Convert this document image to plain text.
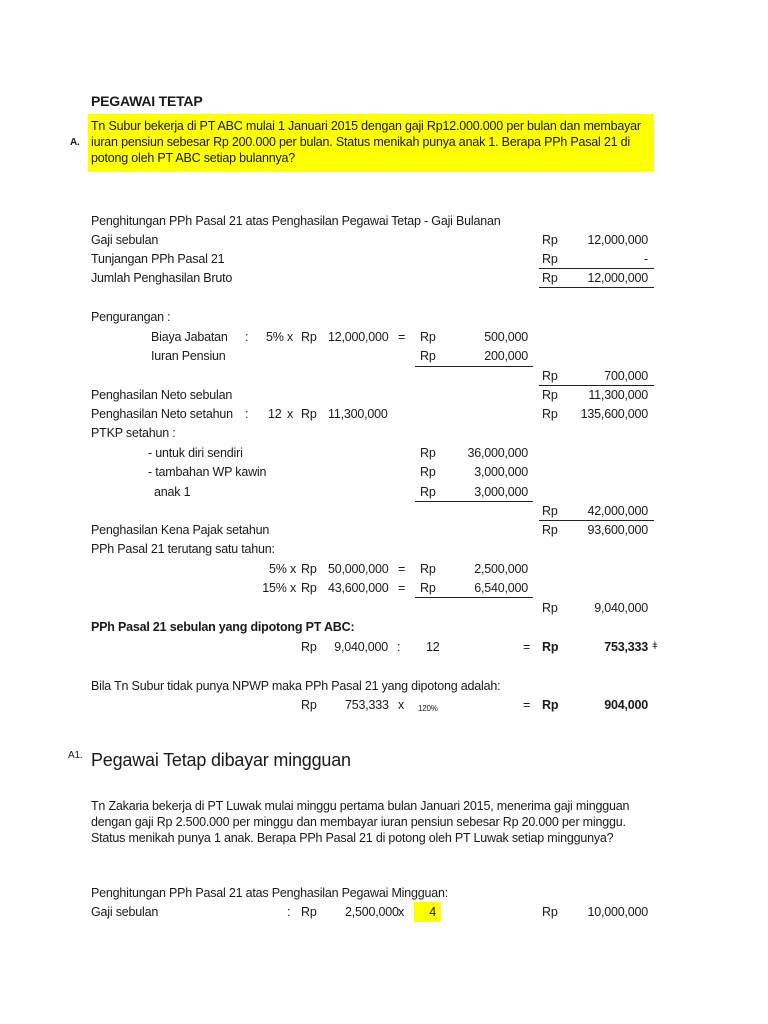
PEGAWAI TETAP
A.
Tn Subur bekerja di PT ABC mulai 1 Januari 2015 dengan gaji Rp12.000.000 per bulan dan membayar iuran pensiun sebesar Rp 200.000 per bulan. Status menikah punya anak 1. Berapa PPh Pasal 21 di potong oleh PT ABC setiap bulannya?
Penghitungan PPh Pasal 21 atas Penghasilan Pegawai Tetap - Gaji Bulanan
Gaji sebulan	Rp	12,000,000
Tunjangan PPh Pasal 21	Rp	-
Jumlah Penghasilan Bruto	Rp	12,000,000
Pengurangan :
Biaya Jabatan : 5% x Rp 12,000,000 = Rp	500,000
Iuran Pensiun	Rp	200,000
Rp	700,000
Penghasilan Neto sebulan	Rp	11,300,000
Penghasilan Neto setahun : 12 x Rp 11,300,000	Rp	135,600,000
PTKP setahun :
- untuk diri sendiri	Rp	36,000,000
- tambahan WP kawin	Rp	3,000,000
anak 1	Rp	3,000,000
Rp	42,000,000
Penghasilan Kena Pajak setahun	Rp	93,600,000
PPh Pasal 21 terutang satu tahun:
5% x Rp 50,000,000 = Rp	2,500,000
15% x Rp 43,600,000 = Rp	6,540,000
Rp	9,040,000
PPh Pasal 21 sebulan yang dipotong PT ABC:
Rp	9,040,000 : 12	= Rp	753,333 ǂ
Bila Tn Subur tidak punya NPWP maka PPh Pasal 21 yang dipotong adalah:
Rp 753,333 x 120%	= Rp	904,000
A1. Pegawai Tetap dibayar mingguan
Tn Zakaria bekerja di PT Luwak mulai minggu pertama bulan Januari 2015, menerima gaji mingguan dengan gaji Rp 2.500.000 per minggu dan membayar iuran pensiun sebesar Rp 20.000 per minggu. Status menikah punya 1 anak. Berapa PPh Pasal 21 di potong oleh PT Luwak setiap minggunya?
Penghitungan PPh Pasal 21 atas Penghasilan Pegawai Mingguan:
Gaji sebulan	: Rp 2,500,000 x	4	Rp	10,000,000
